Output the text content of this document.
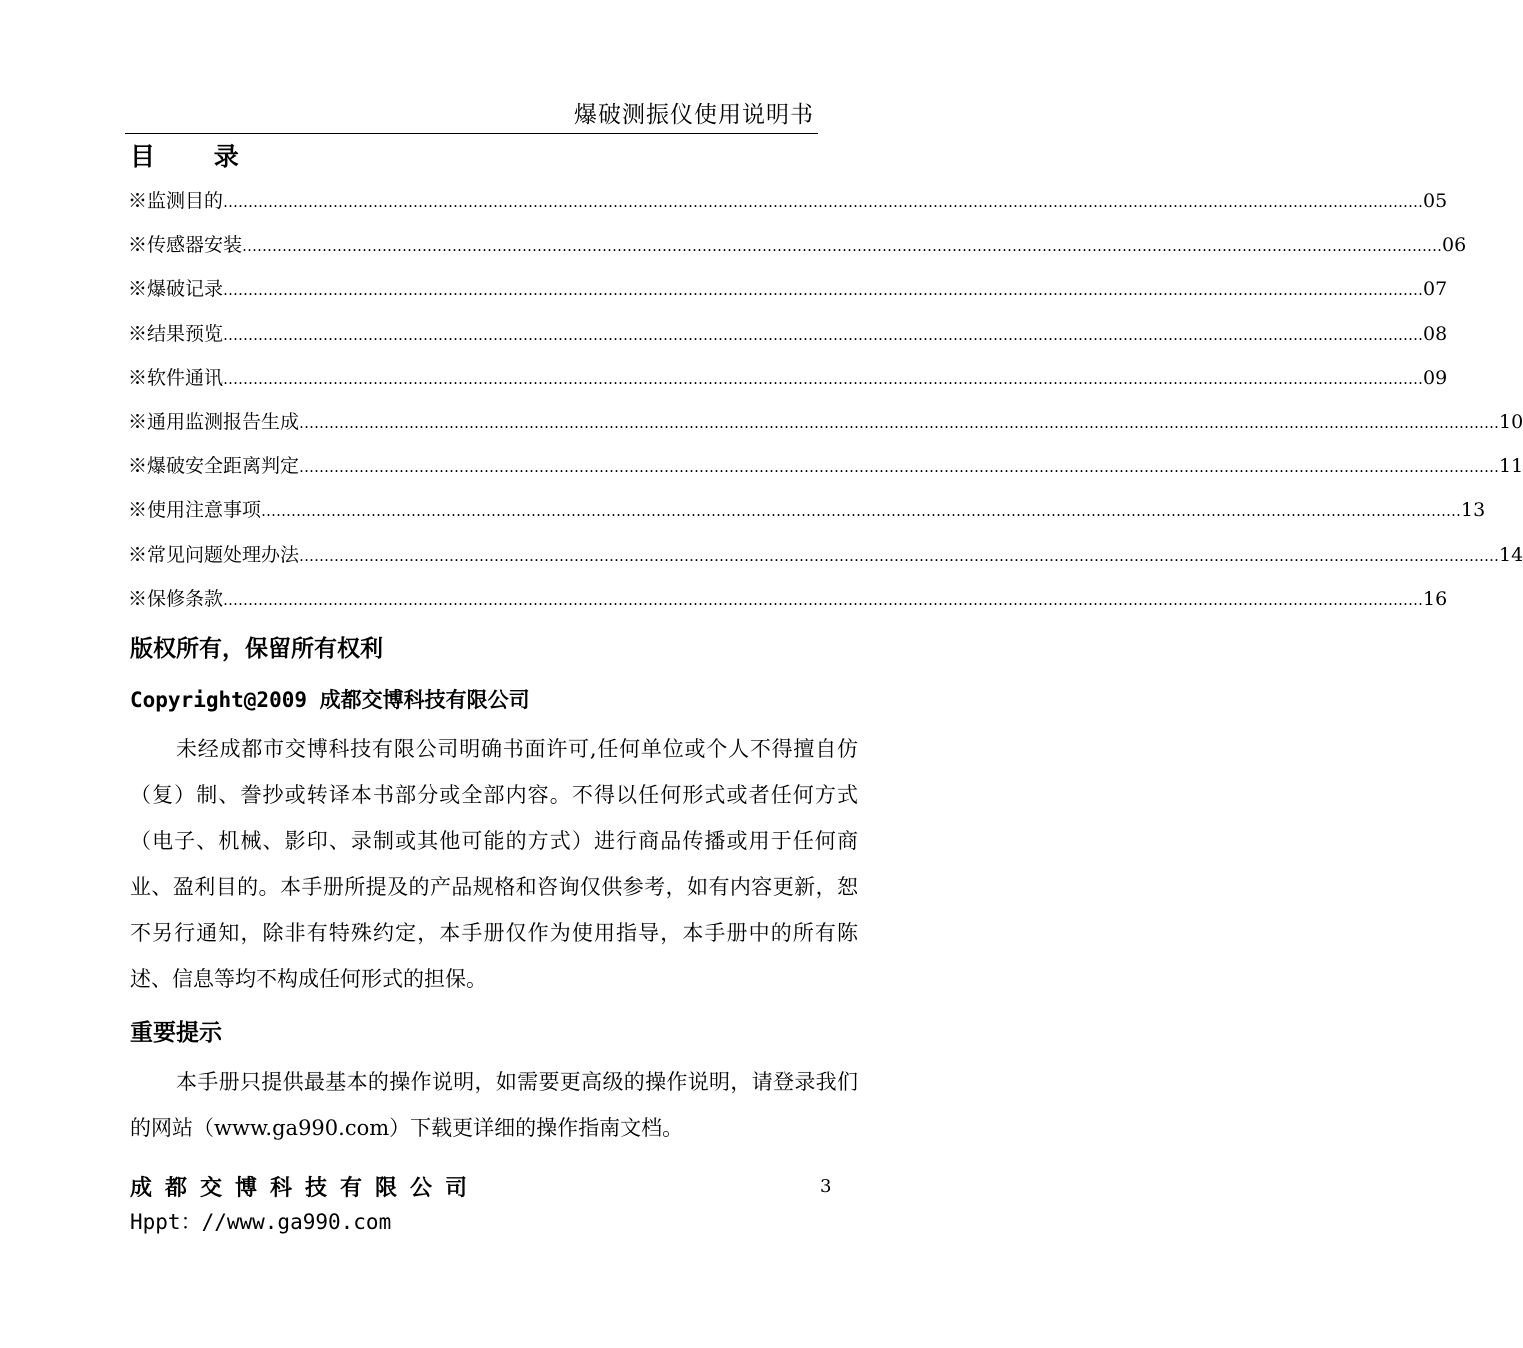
爆破测振仪使用说明书
目 录
※监测目的 …………………………………………………………………………………………………………………………………………………………………………………………………………………… 05
※传感器安装 …………………………………………………………………………………………………………………………………………………………………………………………………………………… 06
※爆破记录 …………………………………………………………………………………………………………………………………………………………………………………………………………………… 07
※结果预览 …………………………………………………………………………………………………………………………………………………………………………………………………………………… 08
※软件通讯 …………………………………………………………………………………………………………………………………………………………………………………………………………………… 09
※通用监测报告生成 …………………………………………………………………………………………………………………………………………………………………………………………………………………… 10
※爆破安全距离判定 …………………………………………………………………………………………………………………………………………………………………………………………………………………… 11
※使用注意事项 …………………………………………………………………………………………………………………………………………………………………………………………………………………… 13
※常见问题处理办法 …………………………………………………………………………………………………………………………………………………………………………………………………………………… 14
※保修条款 …………………………………………………………………………………………………………………………………………………………………………………………………………………… 16
版权所有，保留所有权利
Copyright@2009 成都交博科技有限公司

未经成都市交博科技有限公司明确书面许可,任何单位或个人不得擅自仿（复）制、誊抄或转译本书部分或全部内容。不得以任何形式或者任何方式（电子、机械、影印、录制或其他可能的方式）进行商品传播或用于任何商业、盈利目的。本手册所提及的产品规格和咨询仅供参考，如有内容更新，恕不另行通知，除非有特殊约定，本手册仅作为使用指导，本手册中的所有陈述、信息等均不构成任何形式的担保。

重要提示

本手册只提供最基本的操作说明，如需要更高级的操作说明，请登录我们的网站（www.ga990.com）下载更详细的操作指南文档。

成都交博科技有限公司
Hppt：//www.ga990.com
3
